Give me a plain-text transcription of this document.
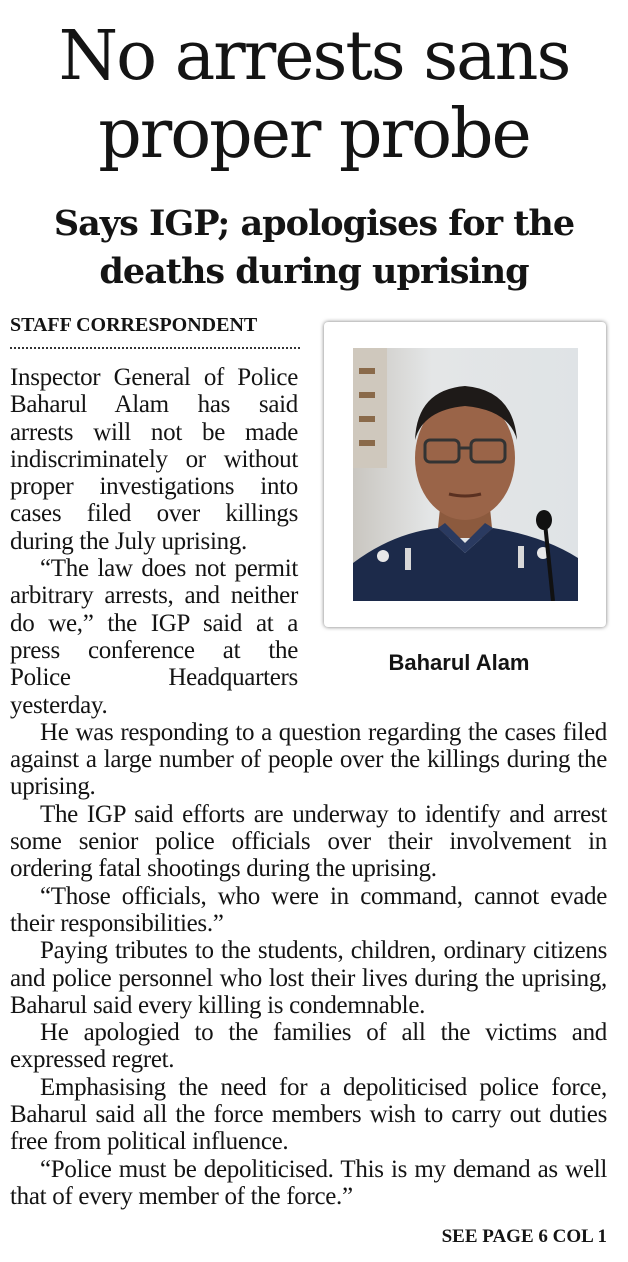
No arrests sans proper probe
Says IGP; apologises for the deaths during uprising
STAFF CORRESPONDENT
Baharul Alam

Inspector General of Police Baharul Alam has said arrests will not be made indiscriminately or without proper investigations into cases filed over killings during the July uprising.

“The law does not permit arbitrary arrests, and neither do we,” the IGP said at a press conference at the Police Headquarters yesterday.

He was responding to a question regarding the cases filed against a large number of people over the killings during the uprising.

The IGP said efforts are underway to identify and arrest some senior police officials over their involvement in ordering fatal shootings during the uprising.

“Those officials, who were in command, cannot evade their responsibilities.”

Paying tributes to the students, children, ordinary citizens and police personnel who lost their lives during the uprising, Baharul said every killing is condemnable.

He apologied to the families of all the victims and expressed regret.

Emphasising the need for a depoliticised police force, Baharul said all the force members wish to carry out duties free from political influence.

“Police must be depoliticised. This is my demand as well that of every member of the force.”

SEE PAGE 6 COL 1
